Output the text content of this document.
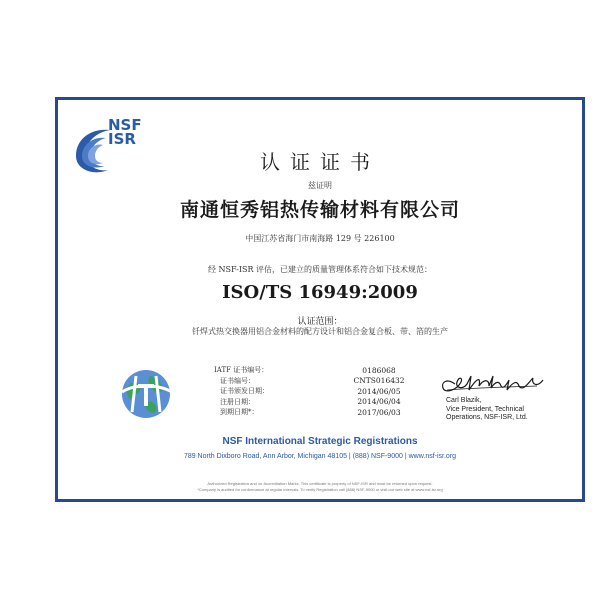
NSF
ISR
认证证书
兹证明
南通恒秀铝热传输材料有限公司
中国江苏省海门市南海路 129 号 226100
经 NSF-ISR 评估，已建立的质量管理体系符合如下技术规范：
ISO/TS 16949:2009
认证范围：
钎焊式热交换器用铝合金材料的配方设计和铝合金复合板、带、箔的生产
IATF 证书编号：	0186068
证书编号：	CNTS016432
证书颁发日期：	2014/06/05
注册日期：	2014/06/04
到期日期*：	2017/06/03
Carl Blazik,
Vice President, Technical
Operations, NSF-ISR, Ltd.
NSF International Strategic Registrations
789 North Dixboro Road, Ann Arbor, Michigan 48105 | (888) NSF-9000 | www.nsf-isr.org
Authorized Registration and /or Accreditation Marks. This certificate is property of NSF-ISR and must be returned upon request.
*Company is audited for conformance at regular intervals. To verify Registration call (888) NSF-9000 or visit our web site at www.nsf-isr.org
